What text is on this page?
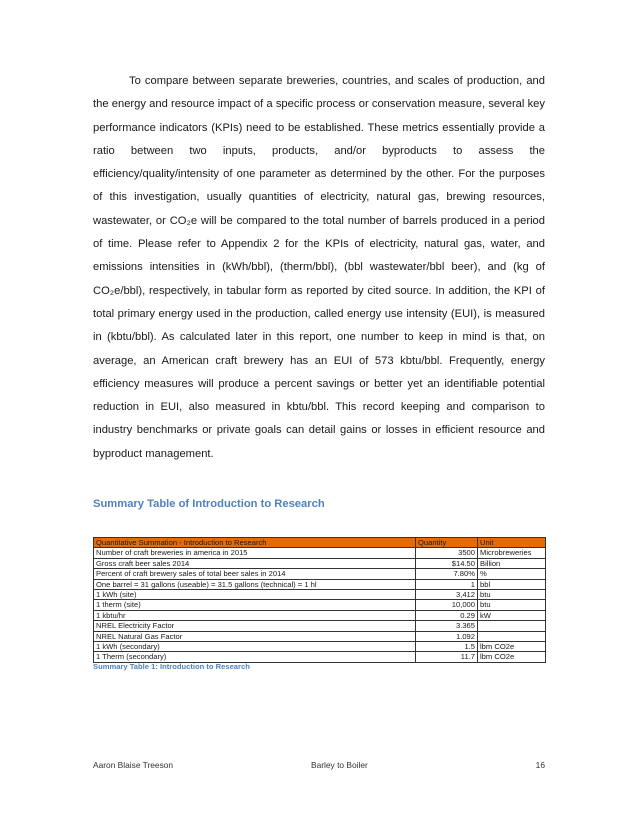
To compare between separate breweries, countries, and scales of production, and the energy and resource impact of a specific process or conservation measure, several key performance indicators (KPIs) need to be established. These metrics essentially provide a ratio between two inputs, products, and/or byproducts to assess the efficiency/quality/intensity of one parameter as determined by the other. For the purposes of this investigation, usually quantities of electricity, natural gas, brewing resources, wastewater, or CO₂e will be compared to the total number of barrels produced in a period of time. Please refer to Appendix 2 for the KPIs of electricity, natural gas, water, and emissions intensities in (kWh/bbl), (therm/bbl), (bbl wastewater/bbl beer), and (kg of CO₂e/bbl), respectively, in tabular form as reported by cited source. In addition, the KPI of total primary energy used in the production, called energy use intensity (EUI), is measured in (kbtu/bbl). As calculated later in this report, one number to keep in mind is that, on average, an American craft brewery has an EUI of 573 kbtu/bbl. Frequently, energy efficiency measures will produce a percent savings or better yet an identifiable potential reduction in EUI, also measured in kbtu/bbl. This record keeping and comparison to industry benchmarks or private goals can detail gains or losses in efficient resource and byproduct management.
Summary Table of Introduction to Research
Quantitative Summation - Introduction to Research	Quantity	Unit
Number of craft breweries in america in 2015	3500	Microbreweries
Gross craft beer sales 2014	$14.50	Billion
Percent of craft brewery sales of total beer sales in 2014	7.80%	%
One barrel = 31 gallons (useable) = 31.5 gallons (technical) = 1 hl	1	bbl
1 kWh (site)	3,412	btu
1 therm (site)	10,000	btu
1 kbtu/hr	0.29	kW
NREL Electricity Factor	3.365	
NREL Natural Gas Factor	1.092	
1 kWh (secondary)	1.5	lbm CO2e
1 Therm (secondary)	11.7	lbm CO2e
Summary Table 1: Introduction to Research
Aaron Blaise Treeson	Barley to Boiler	16
